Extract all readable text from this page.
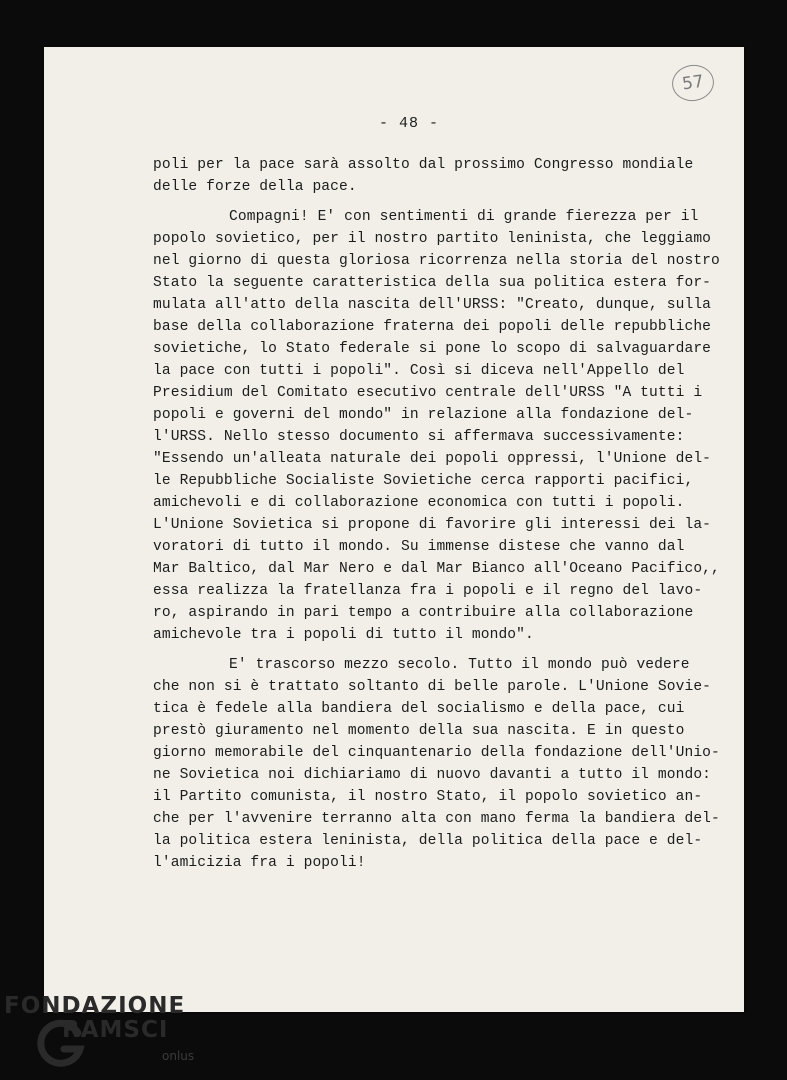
57
- 48 -

poli per la pace sarà assolto dal prossimo Congresso mondiale
delle forze della pace.

Compagni! E' con sentimenti di grande fierezza per il
popolo sovietico, per il nostro partito leninista, che leggiamo
nel giorno di questa gloriosa ricorrenza nella storia del nostro
Stato la seguente caratteristica della sua politica estera for-
mulata all'atto della nascita dell'URSS: "Creato, dunque, sulla
base della collaborazione fraterna dei popoli delle repubbliche
sovietiche, lo Stato federale si pone lo scopo di salvaguardare
la pace con tutti i popoli". Così si diceva nell'Appello del
Presidium del Comitato esecutivo centrale dell'URSS "A tutti i
popoli e governi del mondo" in relazione alla fondazione del-
l'URSS. Nello stesso documento si affermava successivamente:
"Essendo un'alleata naturale dei popoli oppressi, l'Unione del-
le Repubbliche Socialiste Sovietiche cerca rapporti pacifici,
amichevoli e di collaborazione economica con tutti i popoli.
L'Unione Sovietica si propone di favorire gli interessi dei la-
voratori di tutto il mondo. Su immense distese che vanno dal
Mar Baltico, dal Mar Nero e dal Mar Bianco all'Oceano Pacifico,,
essa realizza la fratellanza fra i popoli e il regno del lavo-
ro, aspirando in pari tempo a contribuire alla collaborazione
amichevole tra i popoli di tutto il mondo".

E' trascorso mezzo secolo. Tutto il mondo può vedere
che non si è trattato soltanto di belle parole. L'Unione Sovie-
tica è fedele alla bandiera del socialismo e della pace, cui
prestò giuramento nel momento della sua nascita. E in questo
giorno memorabile del cinquantenario della fondazione dell'Unio-
ne Sovietica noi dichiariamo di nuovo davanti a tutto il mondo:
il Partito comunista, il nostro Stato, il popolo sovietico an-
che per l'avvenire terranno alta con mano ferma la bandiera del-
la politica estera leninista, della politica della pace e del-
l'amicizia fra i popoli!

FONDAZIONE
RAMSCI
onlus
